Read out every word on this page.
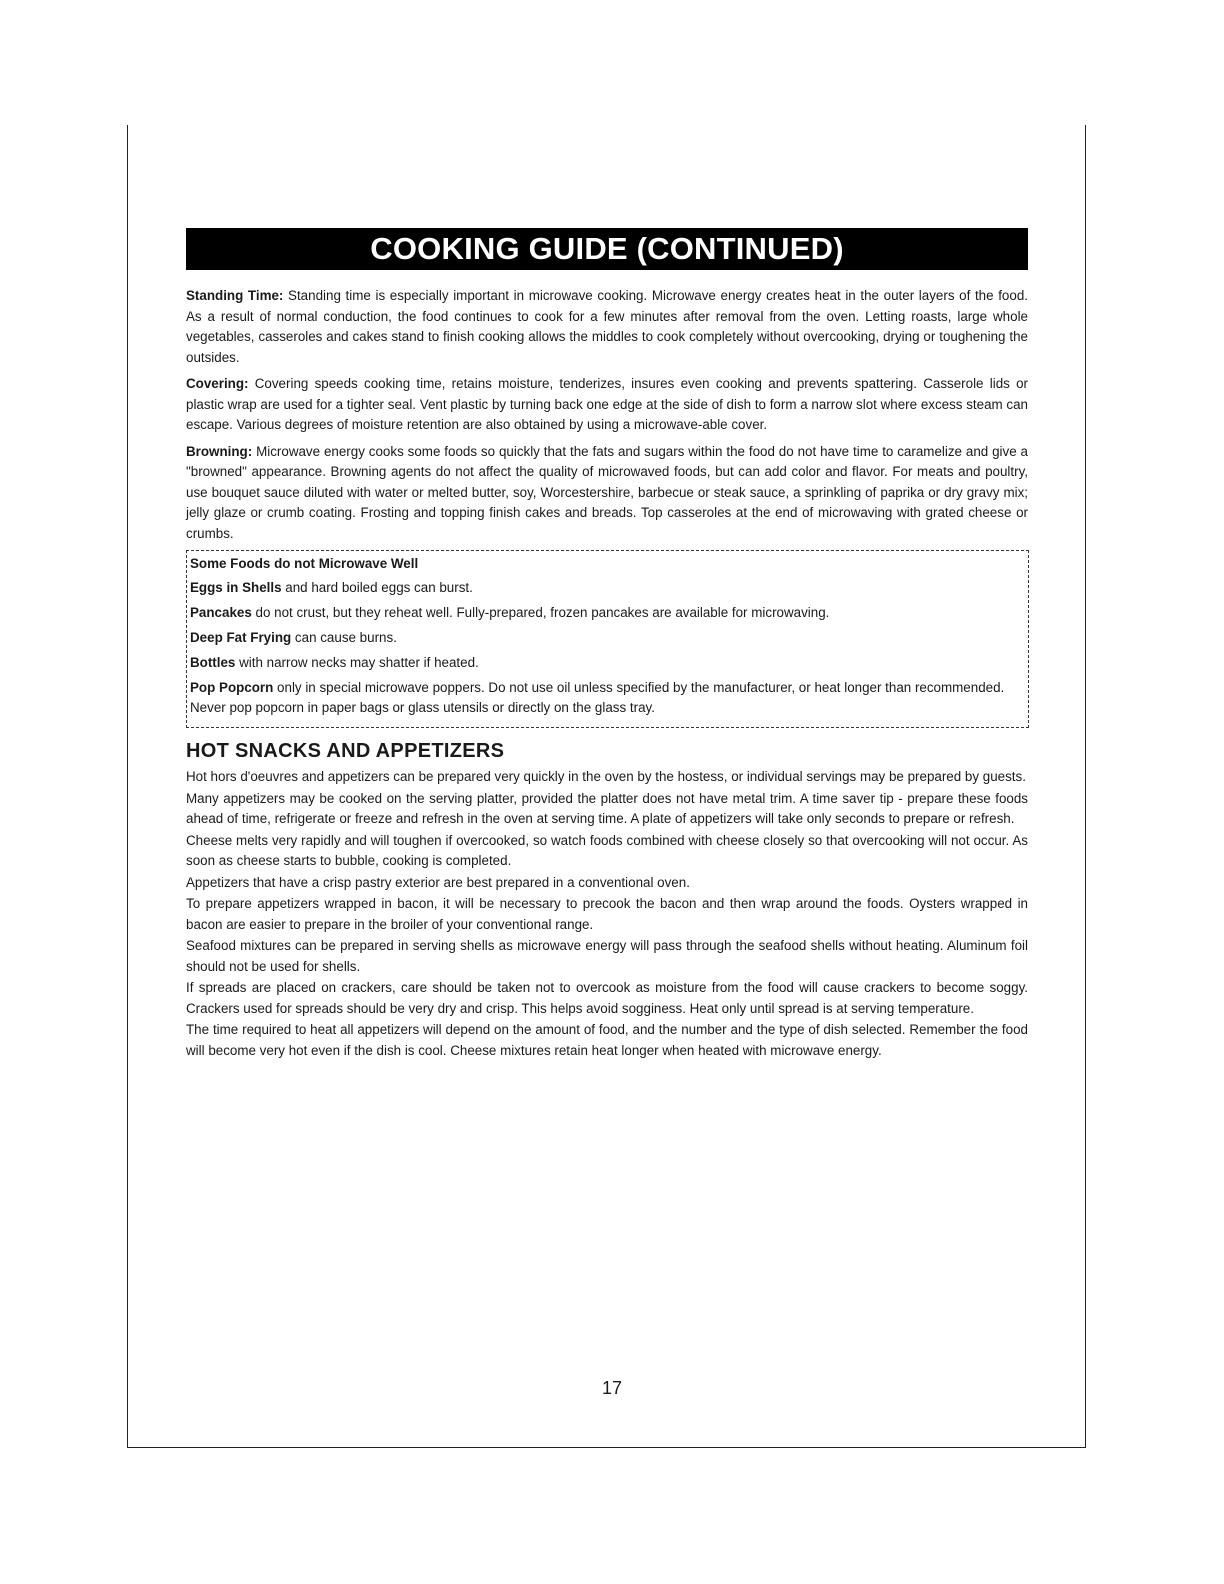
COOKING GUIDE (CONTINUED)

Standing Time: Standing time is especially important in microwave cooking. Microwave energy creates heat in the outer layers of the food. As a result of normal conduction, the food continues to cook for a few minutes after removal from the oven. Letting roasts, large whole vegetables, casseroles and cakes stand to finish cooking allows the middles to cook completely without overcooking, drying or toughening the outsides.

Covering: Covering speeds cooking time, retains moisture, tenderizes, insures even cooking and prevents spattering. Casserole lids or plastic wrap are used for a tighter seal. Vent plastic by turning back one edge at the side of dish to form a narrow slot where excess steam can escape. Various degrees of moisture retention are also obtained by using a microwave-able cover.

Browning: Microwave energy cooks some foods so quickly that the fats and sugars within the food do not have time to caramelize and give a "browned" appearance. Browning agents do not affect the quality of microwaved foods, but can add color and flavor. For meats and poultry, use bouquet sauce diluted with water or melted butter, soy, Worcestershire, barbecue or steak sauce, a sprinkling of paprika or dry gravy mix; jelly glaze or crumb coating. Frosting and topping finish cakes and breads. Top casseroles at the end of microwaving with grated cheese or crumbs.

Some Foods do not Microwave Well
Eggs in Shells and hard boiled eggs can burst.
Pancakes do not crust, but they reheat well. Fully-prepared, frozen pancakes are available for microwaving.
Deep Fat Frying can cause burns.
Bottles with narrow necks may shatter if heated.
Pop Popcorn only in special microwave poppers. Do not use oil unless specified by the manufacturer, or heat longer than recommended. Never pop popcorn in paper bags or glass utensils or directly on the glass tray.
HOT SNACKS AND APPETIZERS

Hot hors d'oeuvres and appetizers can be prepared very quickly in the oven by the hostess, or individual servings may be prepared by guests.

Many appetizers may be cooked on the serving platter, provided the platter does not have metal trim. A time saver tip - prepare these foods ahead of time, refrigerate or freeze and refresh in the oven at serving time. A plate of appetizers will take only seconds to prepare or refresh.

Cheese melts very rapidly and will toughen if overcooked, so watch foods combined with cheese closely so that overcooking will not occur. As soon as cheese starts to bubble, cooking is completed.

Appetizers that have a crisp pastry exterior are best prepared in a conventional oven.

To prepare appetizers wrapped in bacon, it will be necessary to precook the bacon and then wrap around the foods. Oysters wrapped in bacon are easier to prepare in the broiler of your conventional range.

Seafood mixtures can be prepared in serving shells as microwave energy will pass through the seafood shells without heating. Aluminum foil should not be used for shells.

If spreads are placed on crackers, care should be taken not to overcook as moisture from the food will cause crackers to become soggy. Crackers used for spreads should be very dry and crisp. This helps avoid sogginess. Heat only until spread is at serving temperature.

The time required to heat all appetizers will depend on the amount of food, and the number and the type of dish selected. Remember the food will become very hot even if the dish is cool. Cheese mixtures retain heat longer when heated with microwave energy.

17
